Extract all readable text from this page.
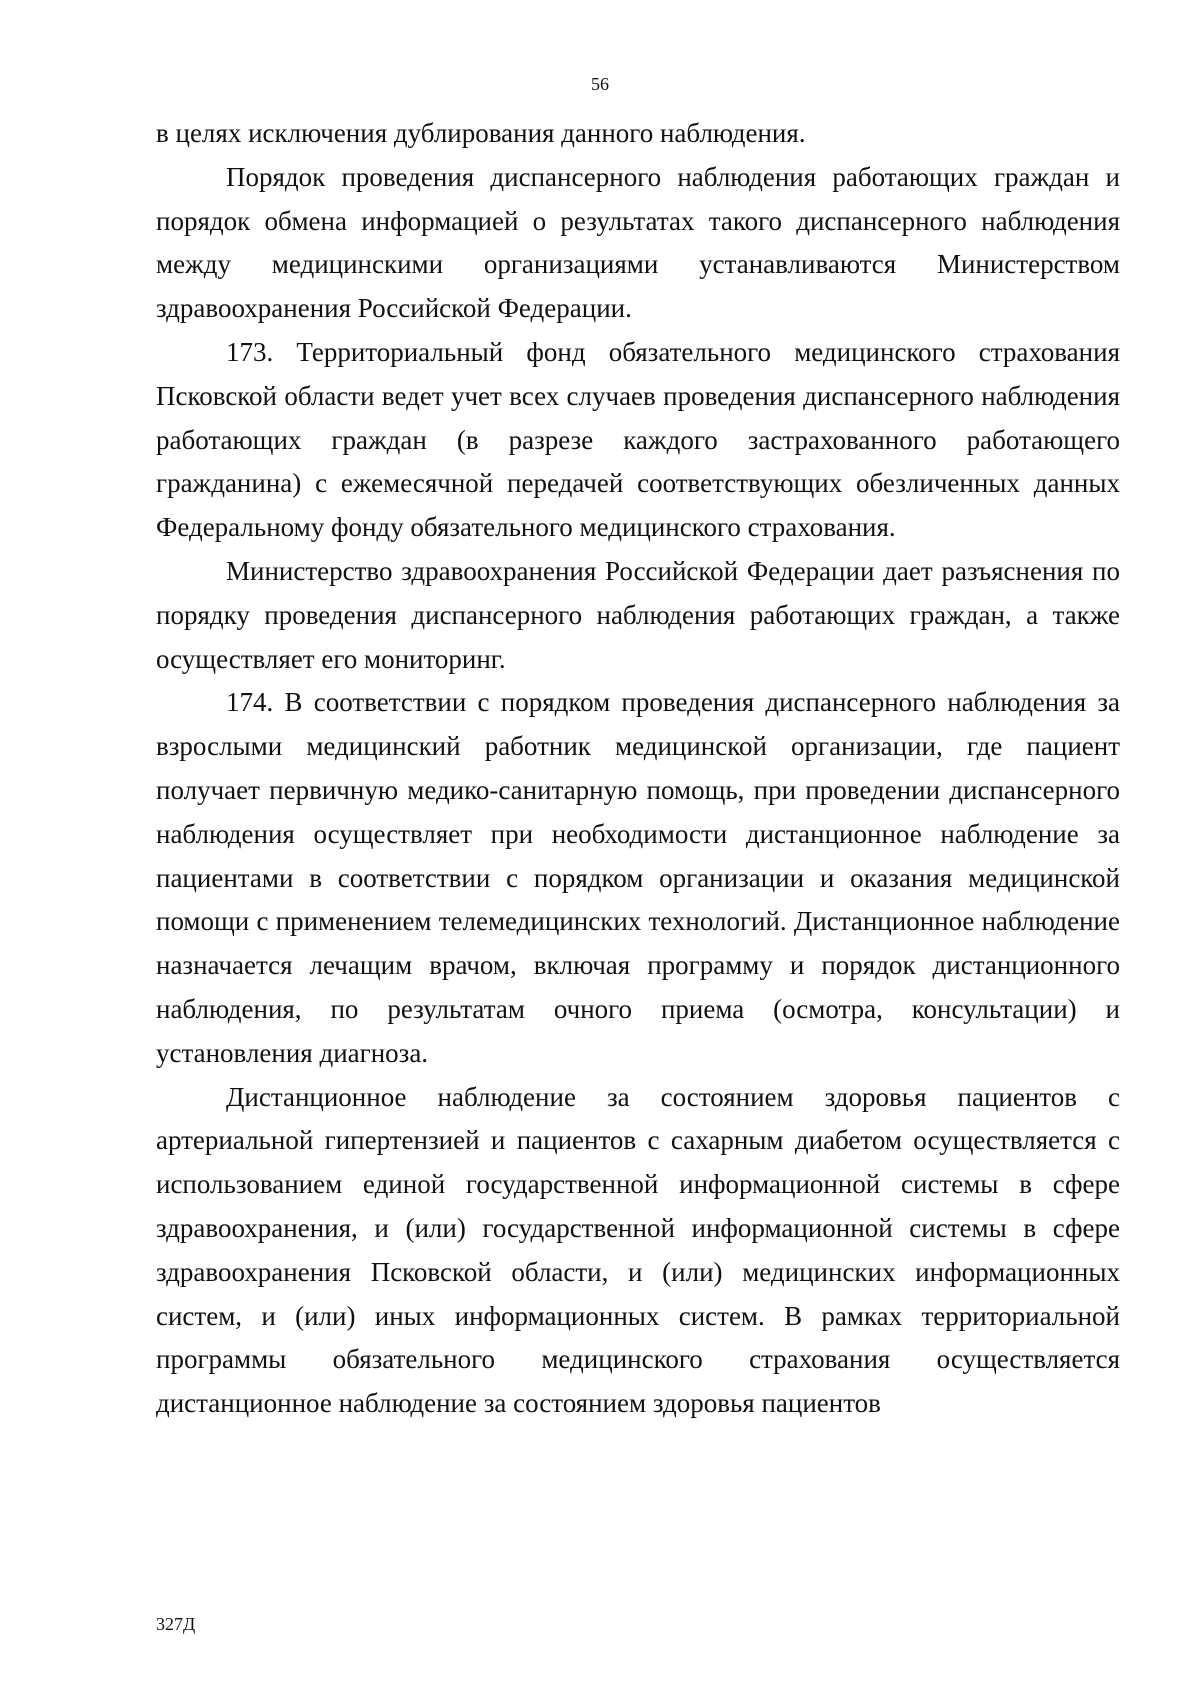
56

в целях исключения дублирования данного наблюдения.

Порядок проведения диспансерного наблюдения работающих граждан и порядок обмена информацией о результатах такого диспансерного наблюдения между медицинскими организациями устанавливаются Министерством здравоохранения Российской Федерации.

173. Территориальный фонд обязательного медицинского страхования Псковской области ведет учет всех случаев проведения диспансерного наблюдения работающих граждан (в разрезе каждого застрахованного работающего гражданина) с ежемесячной передачей соответствующих обезличенных данных Федеральному фонду обязательного медицинского страхования.

Министерство здравоохранения Российской Федерации дает разъяснения по порядку проведения диспансерного наблюдения работающих граждан, а также осуществляет его мониторинг.

174. В соответствии с порядком проведения диспансерного наблюдения за взрослыми медицинский работник медицинской организации, где пациент получает первичную медико-санитарную помощь, при проведении диспансерного наблюдения осуществляет при необходимости дистанционное наблюдение за пациентами в соответствии с порядком организации и оказания медицинской помощи с применением телемедицинских технологий. Дистанционное наблюдение назначается лечащим врачом, включая программу и порядок дистанционного наблюдения, по результатам очного приема (осмотра, консультации) и установления диагноза.

Дистанционное наблюдение за состоянием здоровья пациентов с артериальной гипертензией и пациентов с сахарным диабетом осуществляется с использованием единой государственной информационной системы в сфере здравоохранения, и (или) государственной информационной системы в сфере здравоохранения Псковской области, и (или) медицинских информационных систем, и (или) иных информационных систем. В рамках территориальной программы обязательного медицинского страхования осуществляется дистанционное наблюдение за состоянием здоровья пациентов

327Д
